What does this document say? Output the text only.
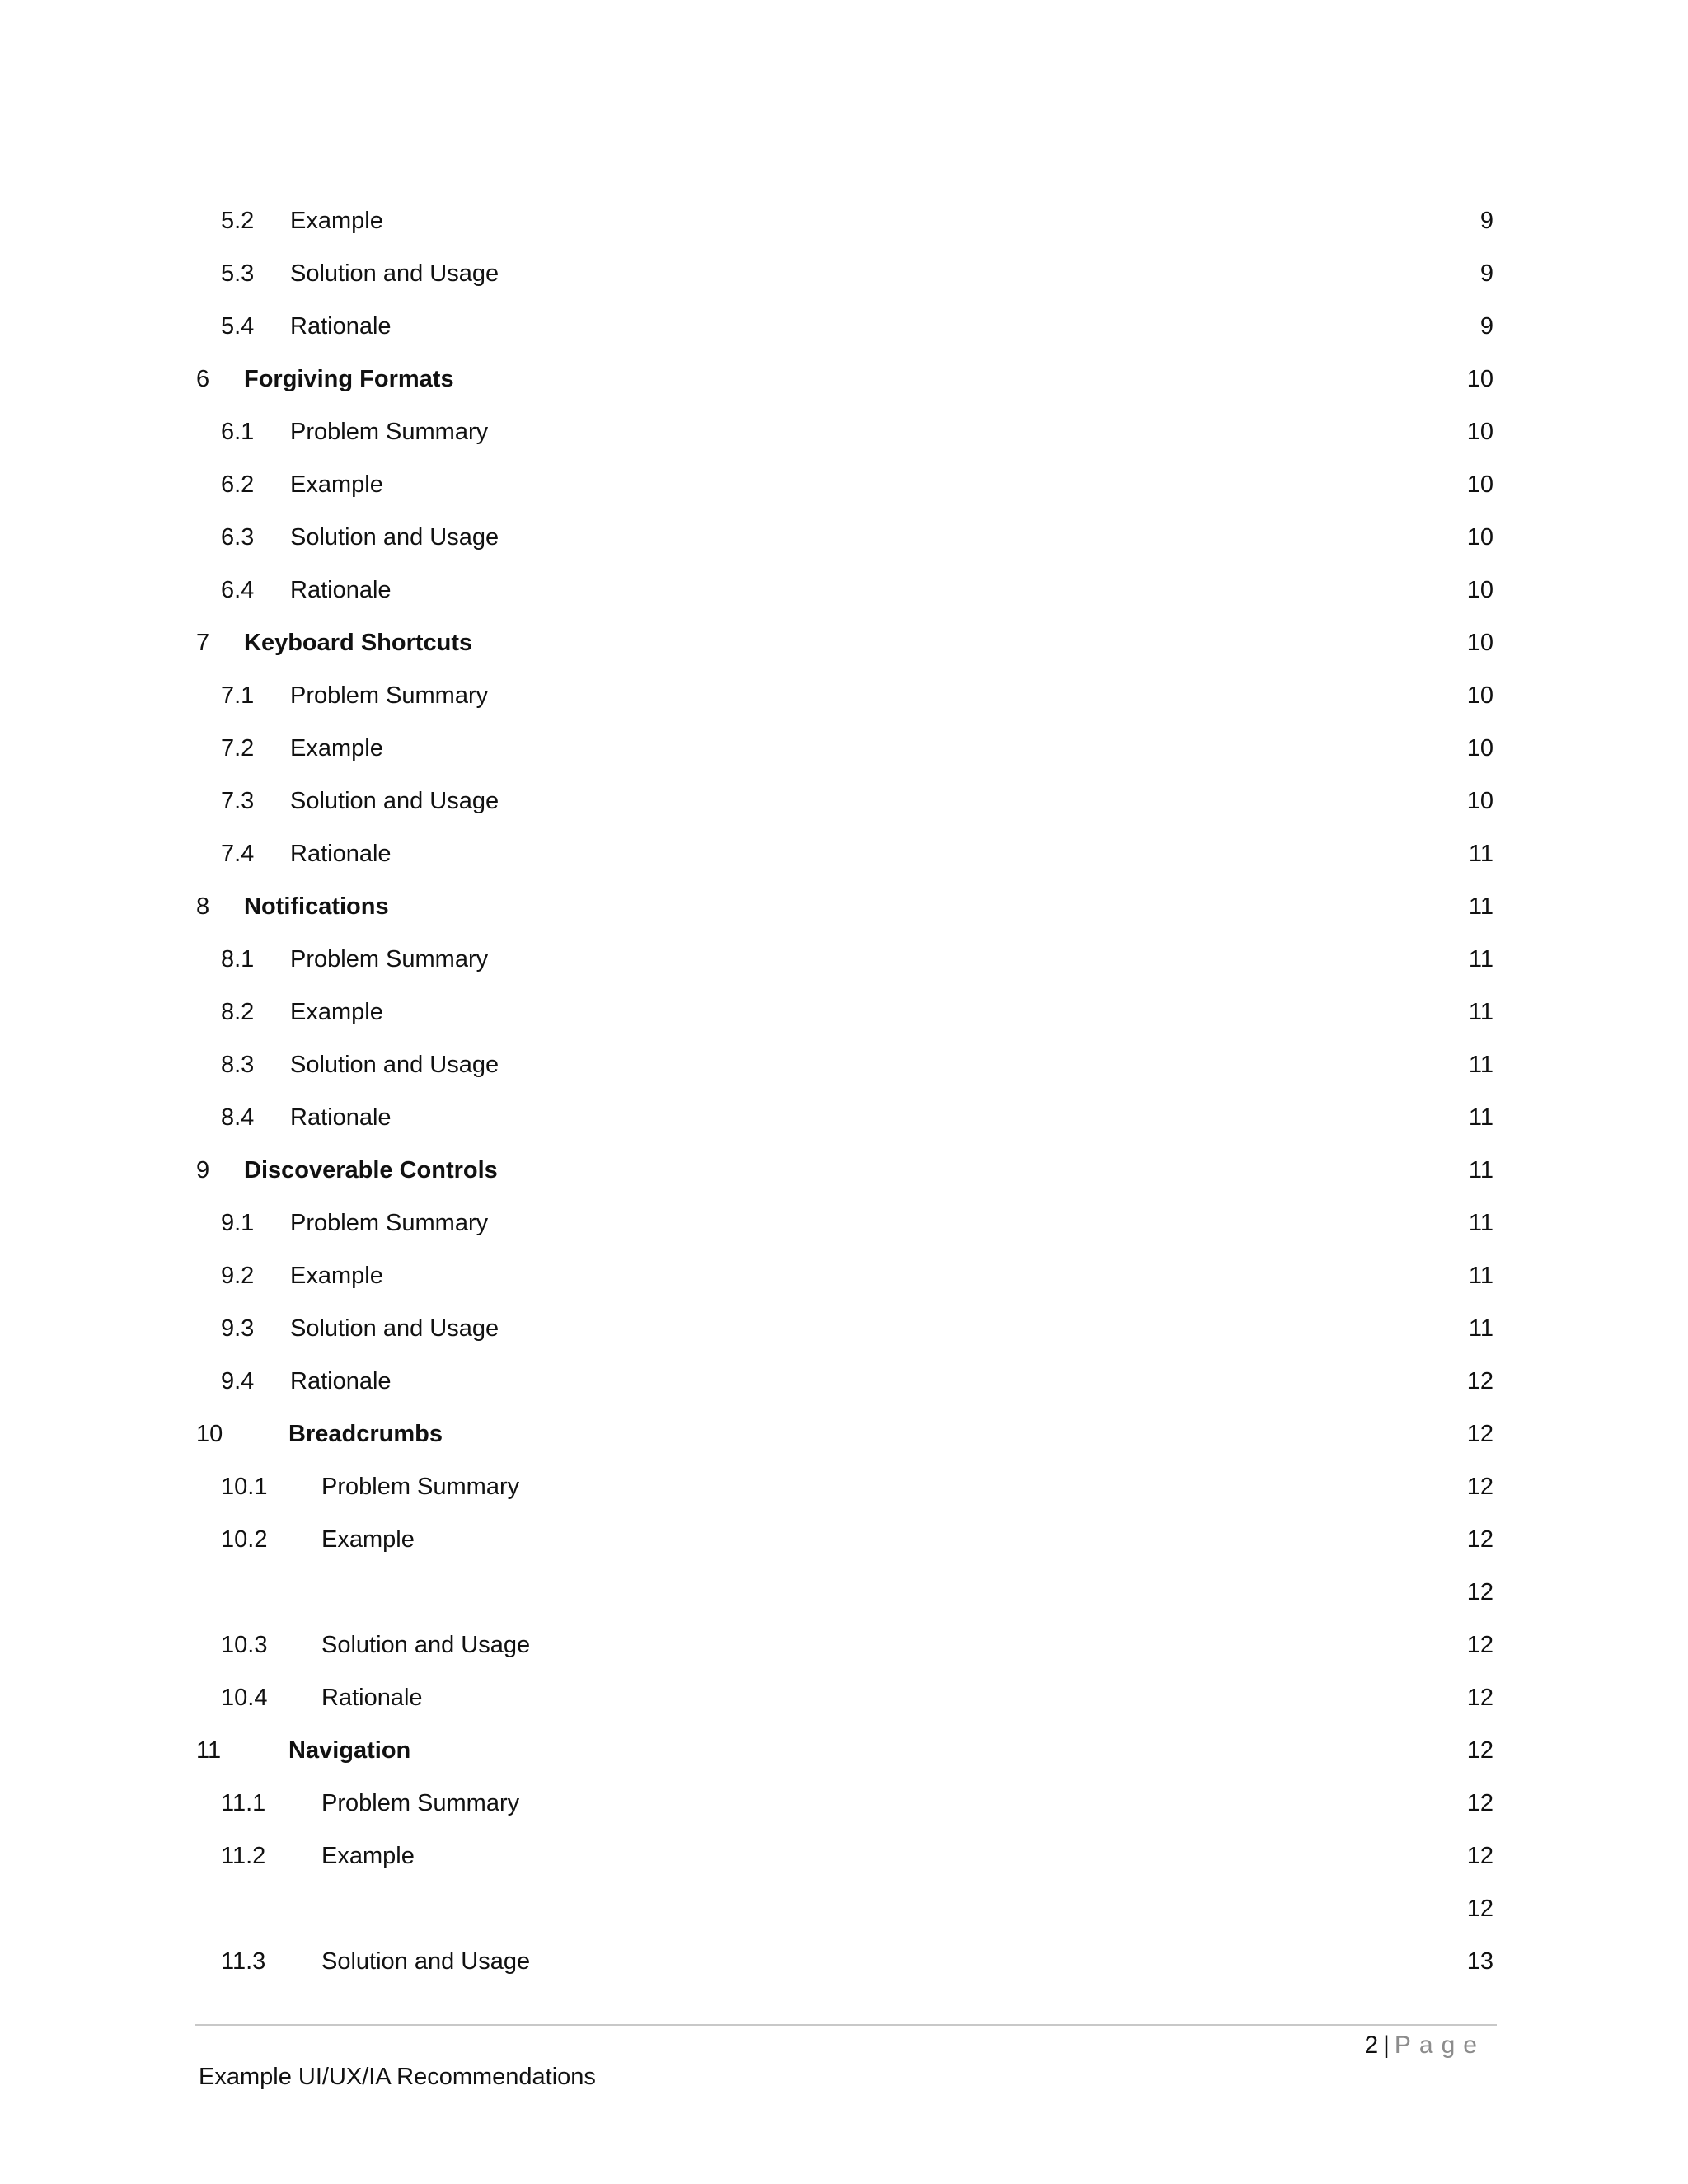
5.2 Example	9
5.3 Solution and Usage	9
5.4 Rationale	9
6 Forgiving Formats	10
6.1 Problem Summary	10
6.2 Example	10
6.3 Solution and Usage	10
6.4 Rationale	10
7 Keyboard Shortcuts	10
7.1 Problem Summary	10
7.2 Example	10
7.3 Solution and Usage	10
7.4 Rationale	11
8 Notifications	11
8.1 Problem Summary	11
8.2 Example	11
8.3 Solution and Usage	11
8.4 Rationale	11
9 Discoverable Controls	11
9.1 Problem Summary	11
9.2 Example	11
9.3 Solution and Usage	11
9.4 Rationale	12
10	Breadcrumbs	12
10.1 Problem Summary	12
10.2 Example	12
12
10.3 Solution and Usage	12
10.4 Rationale	12
11	Navigation	12
11.1 Problem Summary	12
11.2 Example	12
12
11.3 Solution and Usage	13
2 | Page
Example UI/UX/IA Recommendations
